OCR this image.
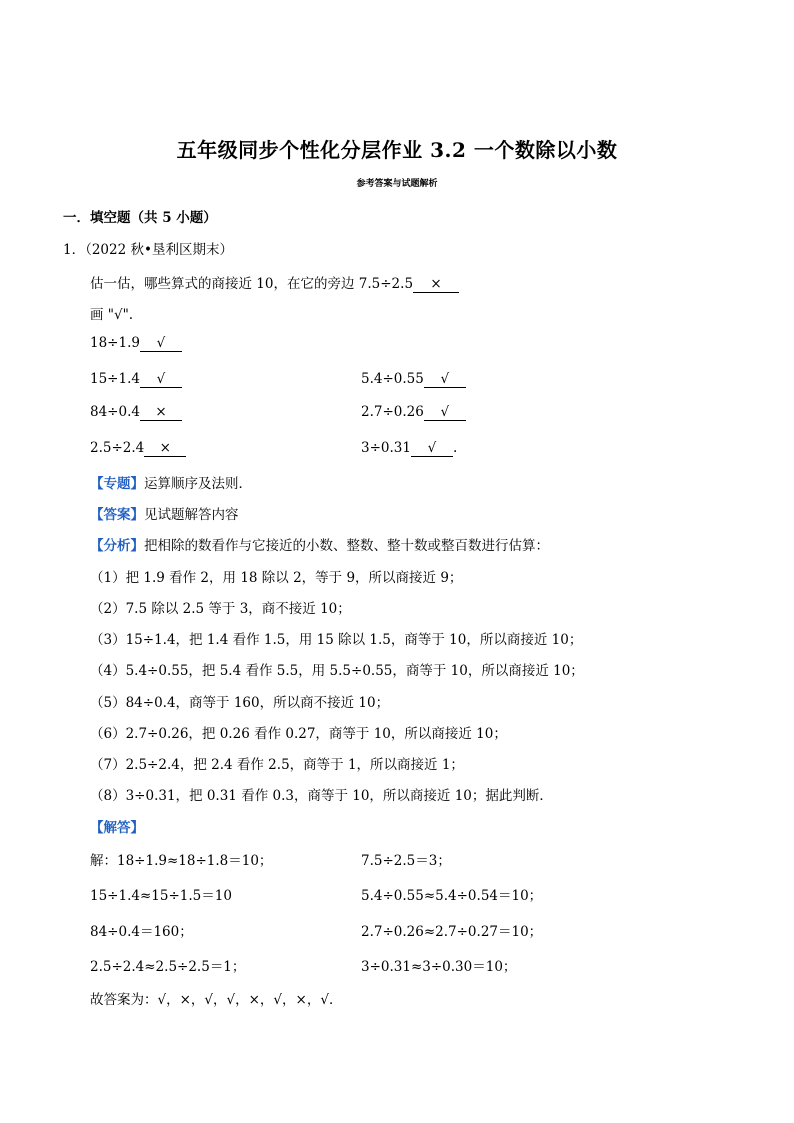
五年级同步个性化分层作业 3.2 一个数除以小数
参考答案与试题解析
一．填空题（共 5 小题）
1．（2022 秋•垦利区期末）
估一估，哪些算式的商接近 10，在它的旁边 7.5÷2.5 ×
画 "√".
18÷1.9 √
15÷1.4 √	5.4÷0.55 √
84÷0.4 ×	2.7÷0.26 √
2.5÷2.4 ×	3÷0.31 √ .
【专题】运算顺序及法则．
【答案】见试题解答内容
【分析】把相除的数看作与它接近的小数、整数、整十数或整百数进行估算：
（1）把 1.9 看作 2，用 18 除以 2，等于 9，所以商接近 9；
（2）7.5 除以 2.5 等于 3，商不接近 10；
（3）15÷1.4，把 1.4 看作 1.5，用 15 除以 1.5，商等于 10，所以商接近 10；
（4）5.4÷0.55，把 5.4 看作 5.5，用 5.5÷0.55，商等于 10，所以商接近 10；
（5）84÷0.4，商等于 160，所以商不接近 10；
（6）2.7÷0.26，把 0.26 看作 0.27，商等于 10，所以商接近 10；
（7）2.5÷2.4，把 2.4 看作 2.5，商等于 1，所以商接近 1；
（8）3÷0.31，把 0.31 看作 0.3，商等于 10，所以商接近 10；据此判断．
【解答】
解：18÷1.9≈18÷1.8＝10；	7.5÷2.5＝3；
15÷1.4≈15÷1.5＝10	5.4÷0.55≈5.4÷0.54＝10；
84÷0.4＝160；	2.7÷0.26≈2.7÷0.27＝10；
2.5÷2.4≈2.5÷2.5＝1；	3÷0.31≈3÷0.30＝10；
故答案为：√，×，√，√，×，√，×，√．
